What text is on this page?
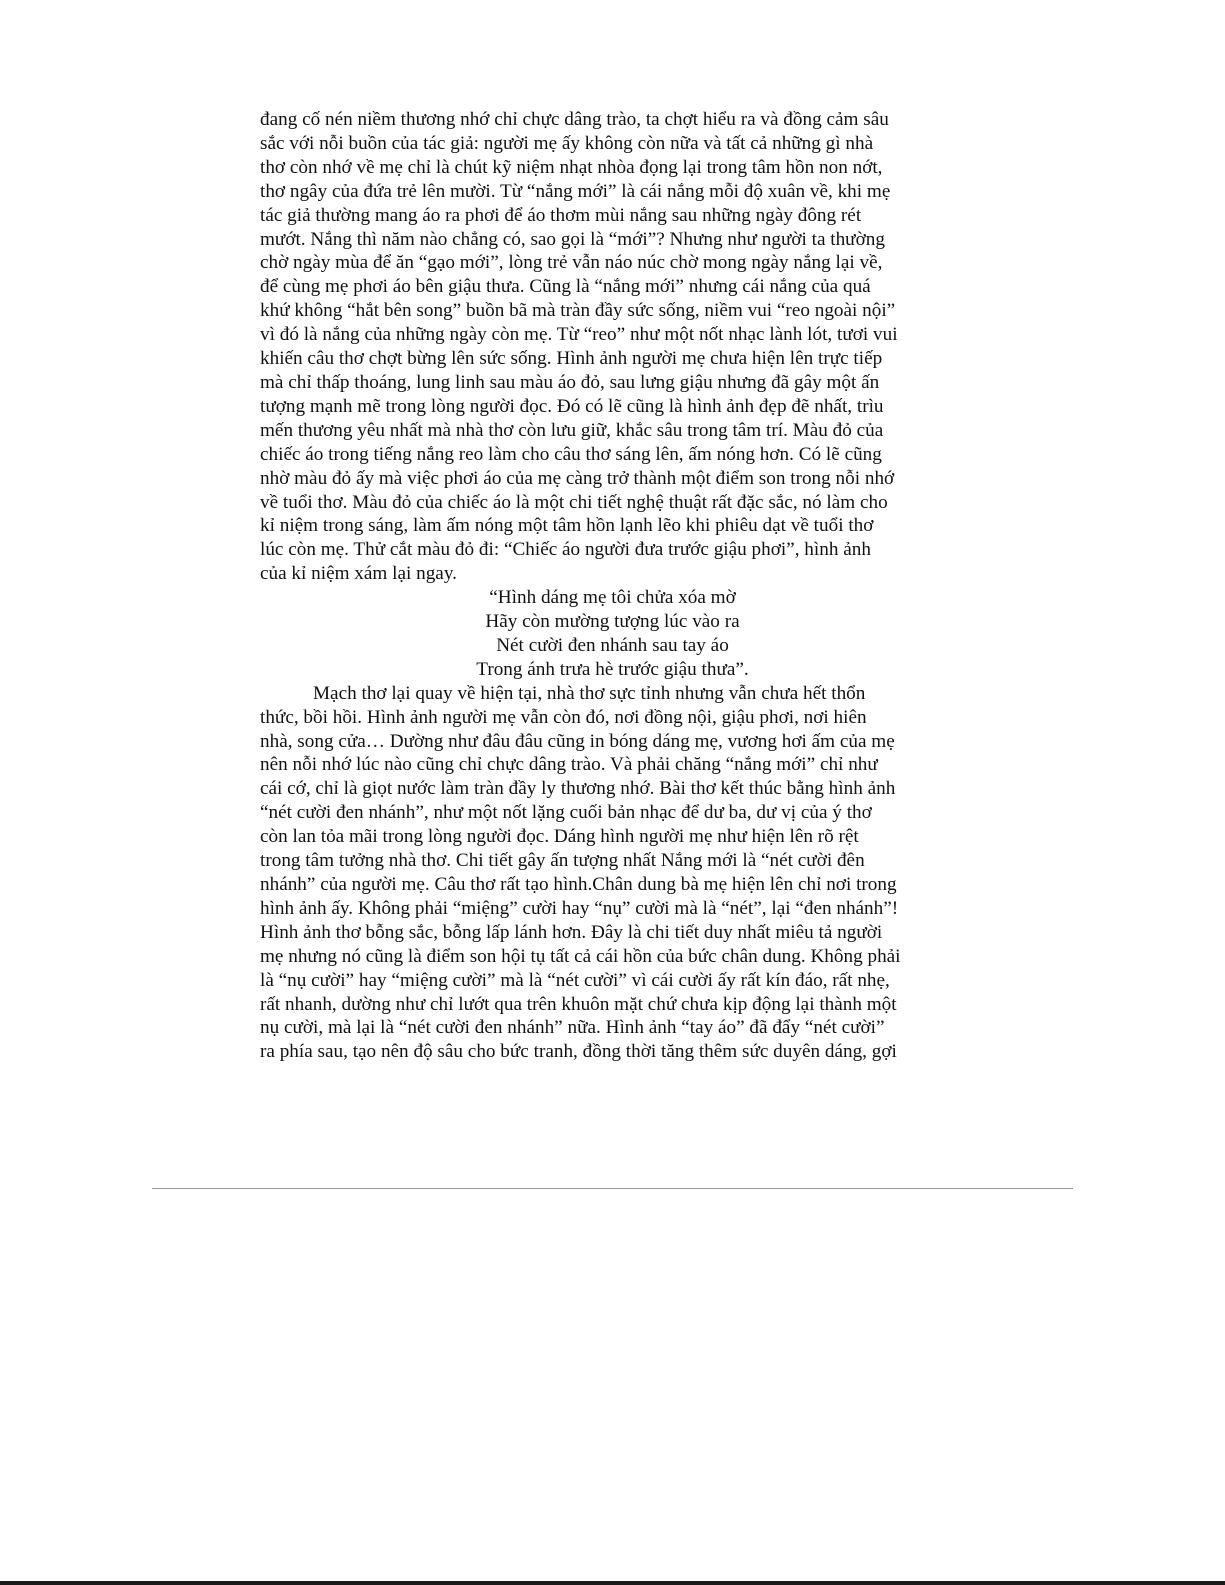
đang cố nén niềm thương nhớ chỉ chực dâng trào, ta chợt hiểu ra và đồng cảm sâu
sắc với nỗi buồn của tác giả: người mẹ ấy không còn nữa và tất cả những gì nhà
thơ còn nhớ về mẹ chỉ là chút kỹ niệm nhạt nhòa đọng lại trong tâm hồn non nớt,
thơ ngây của đứa trẻ lên mười. Từ “nắng mới” là cái nắng mỗi độ xuân về, khi mẹ
tác giả thường mang áo ra phơi để áo thơm mùi nắng sau những ngày đông rét
mướt. Nắng thì năm nào chẳng có, sao gọi là “mới”? Nhưng như người ta thường
chờ ngày mùa để ăn “gạo mới”, lòng trẻ vẫn náo núc chờ mong ngày nắng lại về,
để cùng mẹ phơi áo bên giậu thưa. Cũng là “nắng mới” nhưng cái nắng của quá
khứ không “hắt bên song” buồn bã mà tràn đầy sức sống, niềm vui “reo ngoài nội”
vì đó là nắng của những ngày còn mẹ. Từ “reo” như một nốt nhạc lành lót, tươi vui
khiến câu thơ chợt bừng lên sức sống. Hình ảnh người mẹ chưa hiện lên trực tiếp
mà chỉ thấp thoáng, lung linh sau màu áo đỏ, sau lưng giậu nhưng đã gây một ấn
tượng mạnh mẽ trong lòng người đọc. Đó có lẽ cũng là hình ảnh đẹp đẽ nhất, trìu
mến thương yêu nhất mà nhà thơ còn lưu giữ, khắc sâu trong tâm trí. Màu đỏ của
chiếc áo trong tiếng nắng reo làm cho câu thơ sáng lên, ấm nóng hơn. Có lẽ cũng
nhờ màu đỏ ấy mà việc phơi áo của mẹ càng trở thành một điểm son trong nỗi nhớ
về tuổi thơ. Màu đỏ của chiếc áo là một chi tiết nghệ thuật rất đặc sắc, nó làm cho
kỉ niệm trong sáng, làm ấm nóng một tâm hồn lạnh lẽo khi phiêu dạt về tuổi thơ
lúc còn mẹ. Thử cắt màu đỏ đi: “Chiếc áo người đưa trước giậu phơi”, hình ảnh
của kỉ niệm xám lại ngay.
“Hình dáng mẹ tôi chửa xóa mờ
Hãy còn mường tượng lúc vào ra
Nét cười đen nhánh sau tay áo
Trong ánh trưa hè trước giậu thưa”.
Mạch thơ lại quay về hiện tại, nhà thơ sực tỉnh nhưng vẫn chưa hết thổn
thức, bồi hồi. Hình ảnh người mẹ vẫn còn đó, nơi đồng nội, giậu phơi, nơi hiên
nhà, song cửa… Dường như đâu đâu cũng in bóng dáng mẹ, vương hơi ấm của mẹ
nên nỗi nhớ lúc nào cũng chỉ chực dâng trào. Và phải chăng “nắng mới” chỉ như
cái cớ, chỉ là giọt nước làm tràn đầy ly thương nhớ. Bài thơ kết thúc bằng hình ảnh
“nét cười đen nhánh”, như một nốt lặng cuối bản nhạc để dư ba, dư vị của ý thơ
còn lan tỏa mãi trong lòng người đọc. Dáng hình người mẹ như hiện lên rõ rệt
trong tâm tưởng nhà thơ. Chi tiết gây ấn tượng nhất Nắng mới là “nét cười đên
nhánh” của người mẹ. Câu thơ rất tạo hình.Chân dung bà mẹ hiện lên chỉ nơi trong
hình ảnh ấy. Không phải “miệng” cười hay “nụ” cười mà là “nét”, lại “đen nhánh”!
Hình ảnh thơ bỗng sắc, bỗng lấp lánh hơn. Đây là chi tiết duy nhất miêu tả người
mẹ nhưng nó cũng là điểm son hội tụ tất cả cái hồn của bức chân dung. Không phải
là “nụ cười” hay “miệng cười” mà là “nét cười” vì cái cười ấy rất kín đáo, rất nhẹ,
rất nhanh, dường như chỉ lướt qua trên khuôn mặt chứ chưa kịp động lại thành một
nụ cười, mà lại là “nét cười đen nhánh” nữa. Hình ảnh “tay áo” đã đẩy “nét cười”
ra phía sau, tạo nên độ sâu cho bức tranh, đồng thời tăng thêm sức duyên dáng, gợi
